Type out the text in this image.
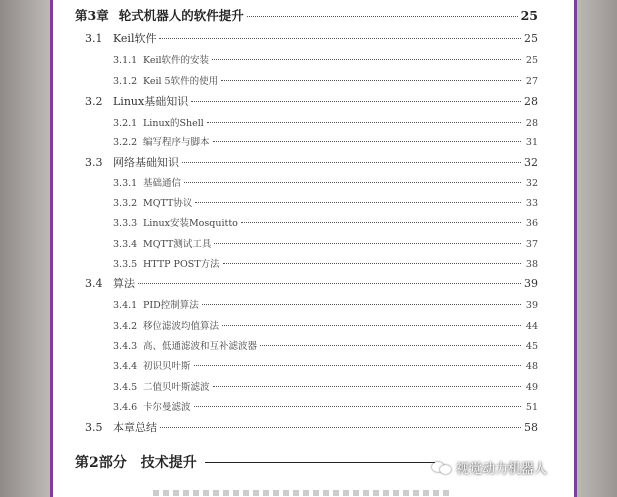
第3章 轮式机器人的软件提升	25
3.1 Keil软件	25
3.1.1 Keil软件的安装	25
3.1.2 Keil 5软件的使用	27
3.2 Linux基础知识	28
3.2.1 Linux的Shell	28
3.2.2 编写程序与脚本	31
3.3 网络基础知识	32
3.3.1 基础通信	32
3.3.2 MQTT协议	33
3.3.3 Linux安装Mosquitto	36
3.3.4 MQTT测试工具	37
3.3.5 HTTP POST方法	38
3.4 算法	39
3.4.1 PID控制算法	39
3.4.2 移位滤波均值算法	44
3.4.3 高、低通滤波和互补滤波器	45
3.4.4 初识贝叶斯	48
3.4.5 二值贝叶斯滤波	49
3.4.6 卡尔曼滤波	51
3.5 本章总结	58
第2部分 技术提升	视觉动力机器人
